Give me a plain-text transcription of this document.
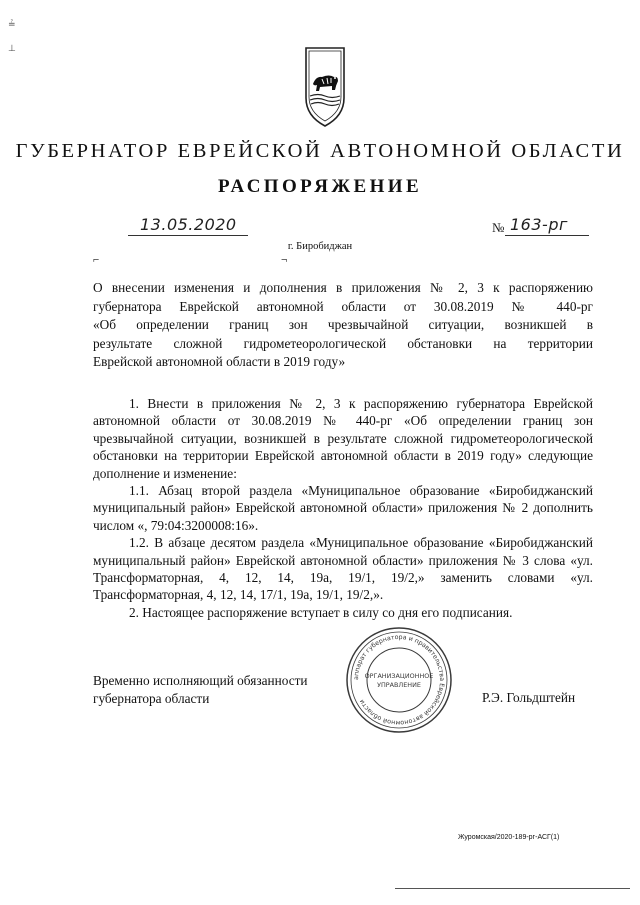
≟
⊥
ГУБЕРНАТОР ЕВРЕЙСКОЙ АВТОНОМНОЙ ОБЛАСТИ
РАСПОРЯЖЕНИЕ
13.05.2020	№ 163-рг
г. Биробиджан
⌐	¬
О внесении изменения и дополнения в приложения № 2, 3 к распоряжению
губернатора Еврейской автономной области от 30.08.2019 № 440-рг
«Об определении границ зон чрезвычайной ситуации, возникшей в
результате сложной гидрометеорологической обстановки на территории
Еврейской автономной области в 2019 году»

1. Внести в приложения № 2, 3 к распоряжению губернатора Еврейской автономной области от 30.08.2019 № 440-рг «Об определении границ зон чрезвычайной ситуации, возникшей в результате сложной гидрометеорологической обстановки на территории Еврейской автономной области в 2019 году» следующие дополнение и изменение:

1.1. Абзац второй раздела «Муниципальное образование «Биробиджанский муниципальный район» Еврейской автономной области» приложения № 2 дополнить числом «, 79:04:3200008:16».

1.2. В абзаце десятом раздела «Муниципальное образование «Биробиджанский муниципальный район» Еврейской автономной области» приложения № 3 слова «ул. Трансформаторная, 4, 12, 14, 19а, 19/1, 19/2,» заменить словами «ул. Трансформаторная, 4, 12, 14, 17/1, 19а, 19/1, 19/2,».

2. Настоящее распоряжение вступает в силу со дня его подписания.

Временно исполняющий обязанности
губернатора области
аппарат губернатора и правительства Еврейской автономной области
ОРГАНИЗАЦИОННОЕ
УПРАВЛЕНИЕ
Р.Э. Гольдштейн
Журомская/2020-189-рг-АСГ(1)
